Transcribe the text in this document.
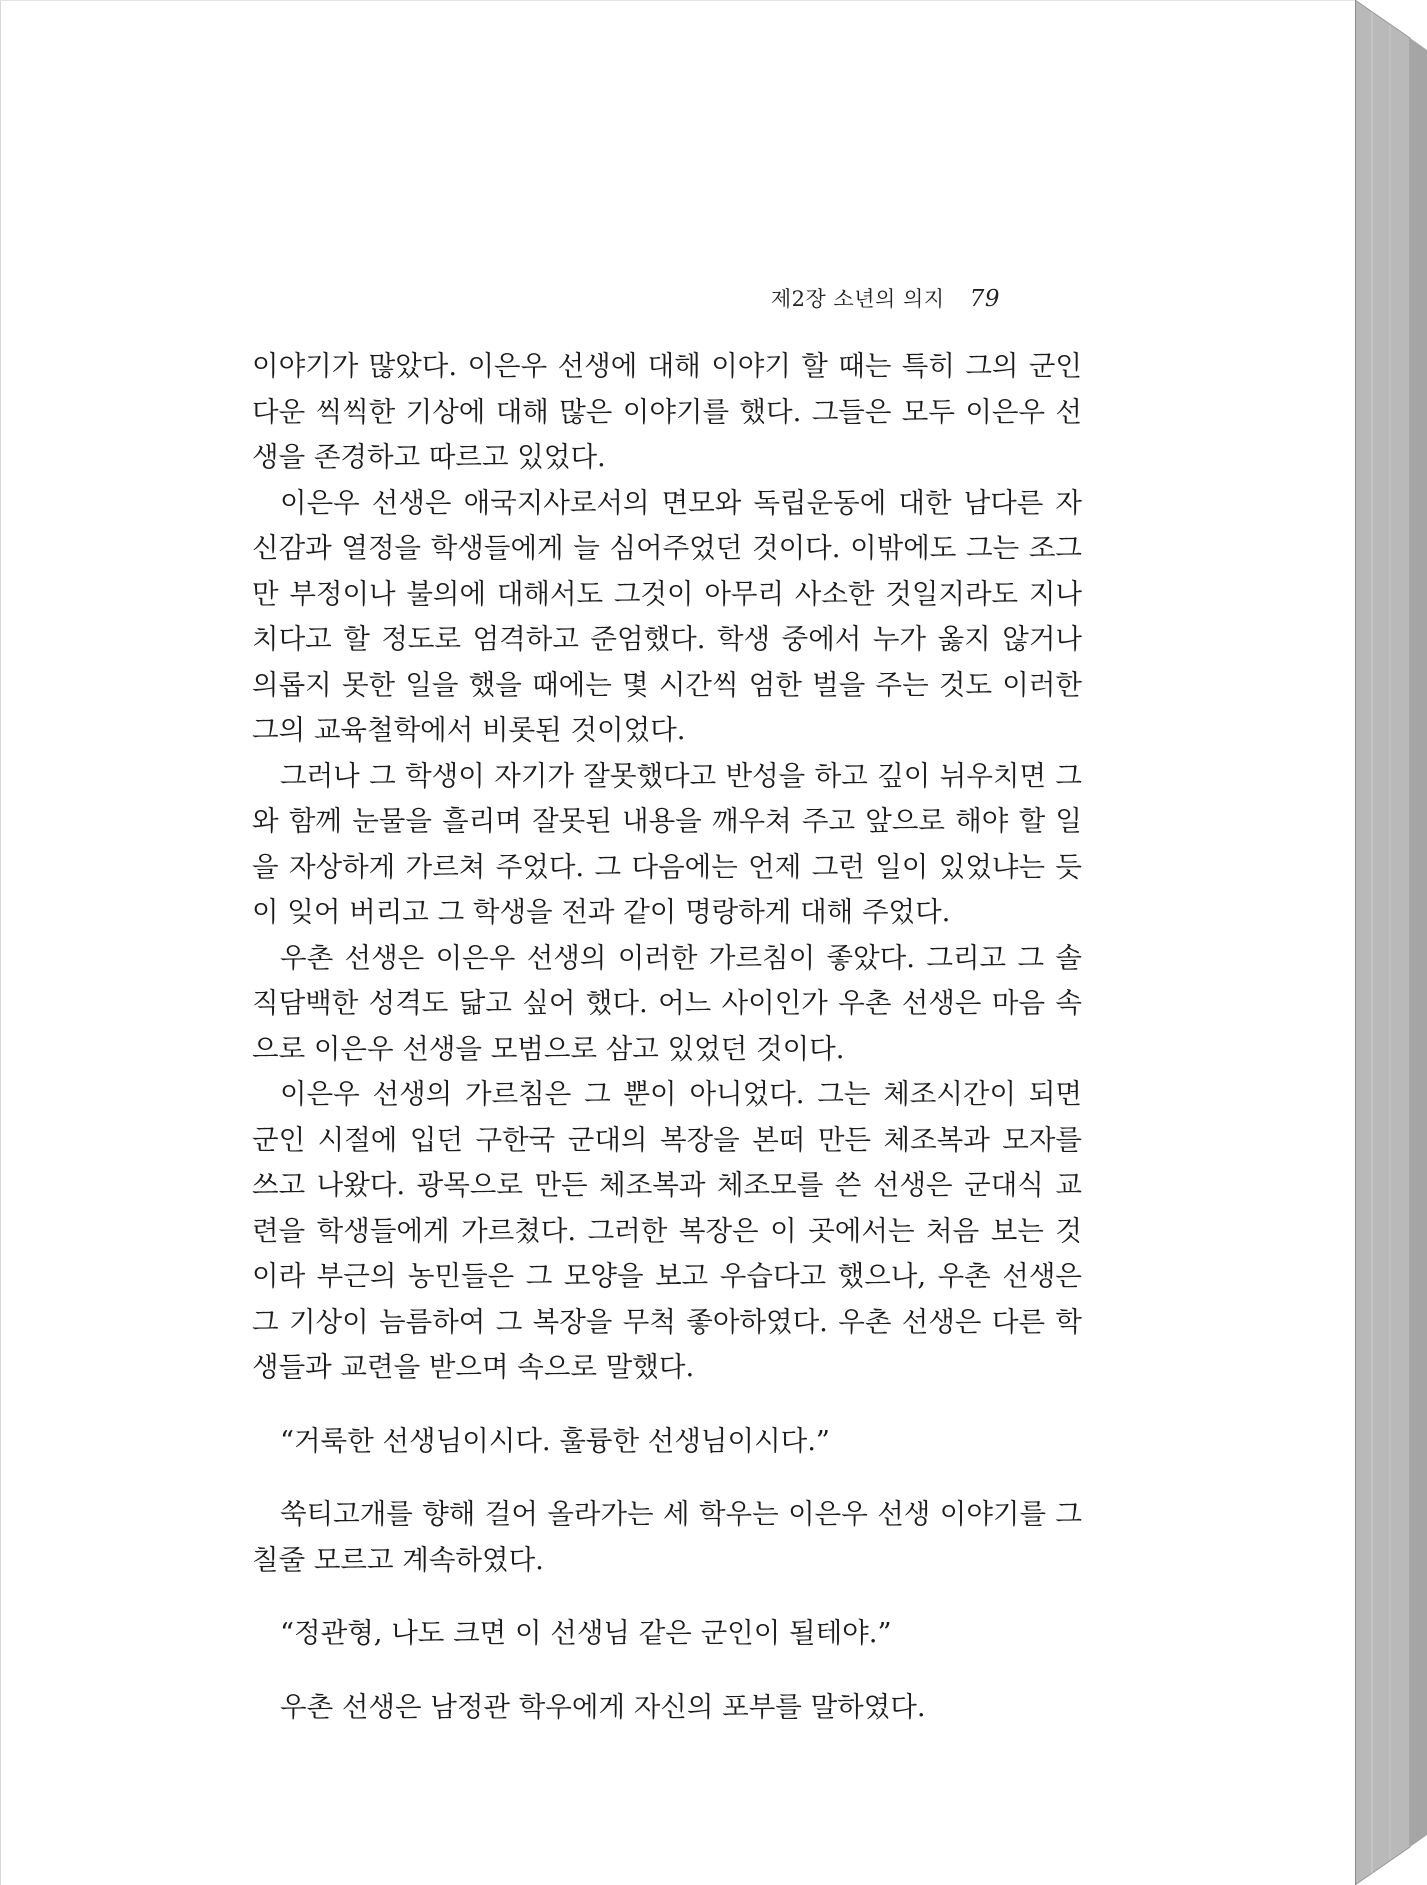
제2장 소년의 의지 79

이야기가 많았다. 이은우 선생에 대해 이야기 할 때는 특히 그의 군인다운 씩씩한 기상에 대해 많은 이야기를 했다. 그들은 모두 이은우 선생을 존경하고 따르고 있었다.

이은우 선생은 애국지사로서의 면모와 독립운동에 대한 남다른 자신감과 열정을 학생들에게 늘 심어주었던 것이다. 이밖에도 그는 조그만 부정이나 불의에 대해서도 그것이 아무리 사소한 것일지라도 지나치다고 할 정도로 엄격하고 준엄했다. 학생 중에서 누가 옳지 않거나 의롭지 못한 일을 했을 때에는 몇 시간씩 엄한 벌을 주는 것도 이러한 그의 교육철학에서 비롯된 것이었다.

그러나 그 학생이 자기가 잘못했다고 반성을 하고 깊이 뉘우치면 그와 함께 눈물을 흘리며 잘못된 내용을 깨우쳐 주고 앞으로 해야 할 일을 자상하게 가르쳐 주었다. 그 다음에는 언제 그런 일이 있었냐는 듯이 잊어 버리고 그 학생을 전과 같이 명랑하게 대해 주었다.

우촌 선생은 이은우 선생의 이러한 가르침이 좋았다. 그리고 그 솔직담백한 성격도 닮고 싶어 했다. 어느 사이인가 우촌 선생은 마음 속으로 이은우 선생을 모범으로 삼고 있었던 것이다.

이은우 선생의 가르침은 그 뿐이 아니었다. 그는 체조시간이 되면 군인 시절에 입던 구한국 군대의 복장을 본떠 만든 체조복과 모자를 쓰고 나왔다. 광목으로 만든 체조복과 체조모를 쓴 선생은 군대식 교련을 학생들에게 가르쳤다. 그러한 복장은 이 곳에서는 처음 보는 것이라 부근의 농민들은 그 모양을 보고 우습다고 했으나, 우촌 선생은 그 기상이 늠름하여 그 복장을 무척 좋아하였다. 우촌 선생은 다른 학생들과 교련을 받으며 속으로 말했다.

“거룩한 선생님이시다. 훌륭한 선생님이시다.”

쑥티고개를 향해 걸어 올라가는 세 학우는 이은우 선생 이야기를 그칠줄 모르고 계속하였다.

“정관형, 나도 크면 이 선생님 같은 군인이 될테야.”

우촌 선생은 남정관 학우에게 자신의 포부를 말하였다.
